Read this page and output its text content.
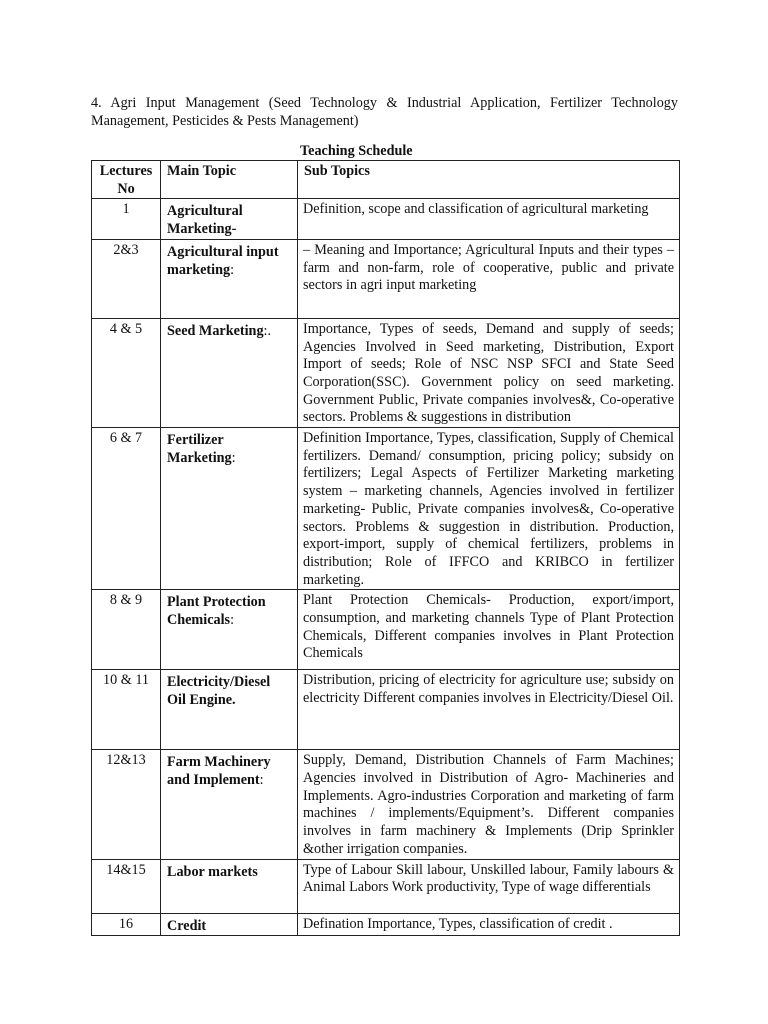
4. Agri Input Management (Seed Technology & Industrial Application, Fertilizer Technology Management, Pesticides & Pests Management)

Teaching Schedule

Lectures No	Main Topic	Sub Topics
1	Agricultural Marketing-	Definition, scope and classification of agricultural marketing
2&3	Agricultural input marketing:	– Meaning and Importance; Agricultural Inputs and their types – farm and non-farm, role of cooperative, public and private sectors in agri input marketing
4 & 5	Seed Marketing:.	Importance, Types of seeds, Demand and supply of seeds; Agencies Involved in Seed marketing, Distribution, Export Import of seeds; Role of NSC NSP SFCI and State Seed Corporation(SSC). Government policy on seed marketing. Government Public, Private companies involves&, Co-operative sectors. Problems & suggestions in distribution
6 & 7	Fertilizer Marketing:	Definition Importance, Types, classification, Supply of Chemical fertilizers. Demand/ consumption, pricing policy; subsidy on fertilizers; Legal Aspects of Fertilizer Marketing marketing system – marketing channels, Agencies involved in fertilizer marketing- Public, Private companies involves&, Co-operative sectors. Problems & suggestion in distribution. Production, export-import, supply of chemical fertilizers, problems in distribution; Role of IFFCO and KRIBCO in fertilizer marketing.
8 & 9	Plant Protection Chemicals:	Plant Protection Chemicals- Production, export/import, consumption, and marketing channels Type of Plant Protection Chemicals, Different companies involves in Plant Protection Chemicals
10 & 11	Electricity/Diesel Oil Engine.	Distribution, pricing of electricity for agriculture use; subsidy on electricity Different companies involves in Electricity/Diesel Oil.
12&13	Farm Machinery and Implement:	Supply, Demand, Distribution Channels of Farm Machines; Agencies involved in Distribution of Agro- Machineries and Implements. Agro-industries Corporation and marketing of farm machines / implements/Equipment’s. Different companies involves in farm machinery & Implements (Drip Sprinkler &other irrigation companies.
14&15	Labor markets	Type of Labour Skill labour, Unskilled labour, Family labours & Animal Labors Work productivity, Type of wage differentials
16	Credit	Defination Importance, Types, classification of credit .
